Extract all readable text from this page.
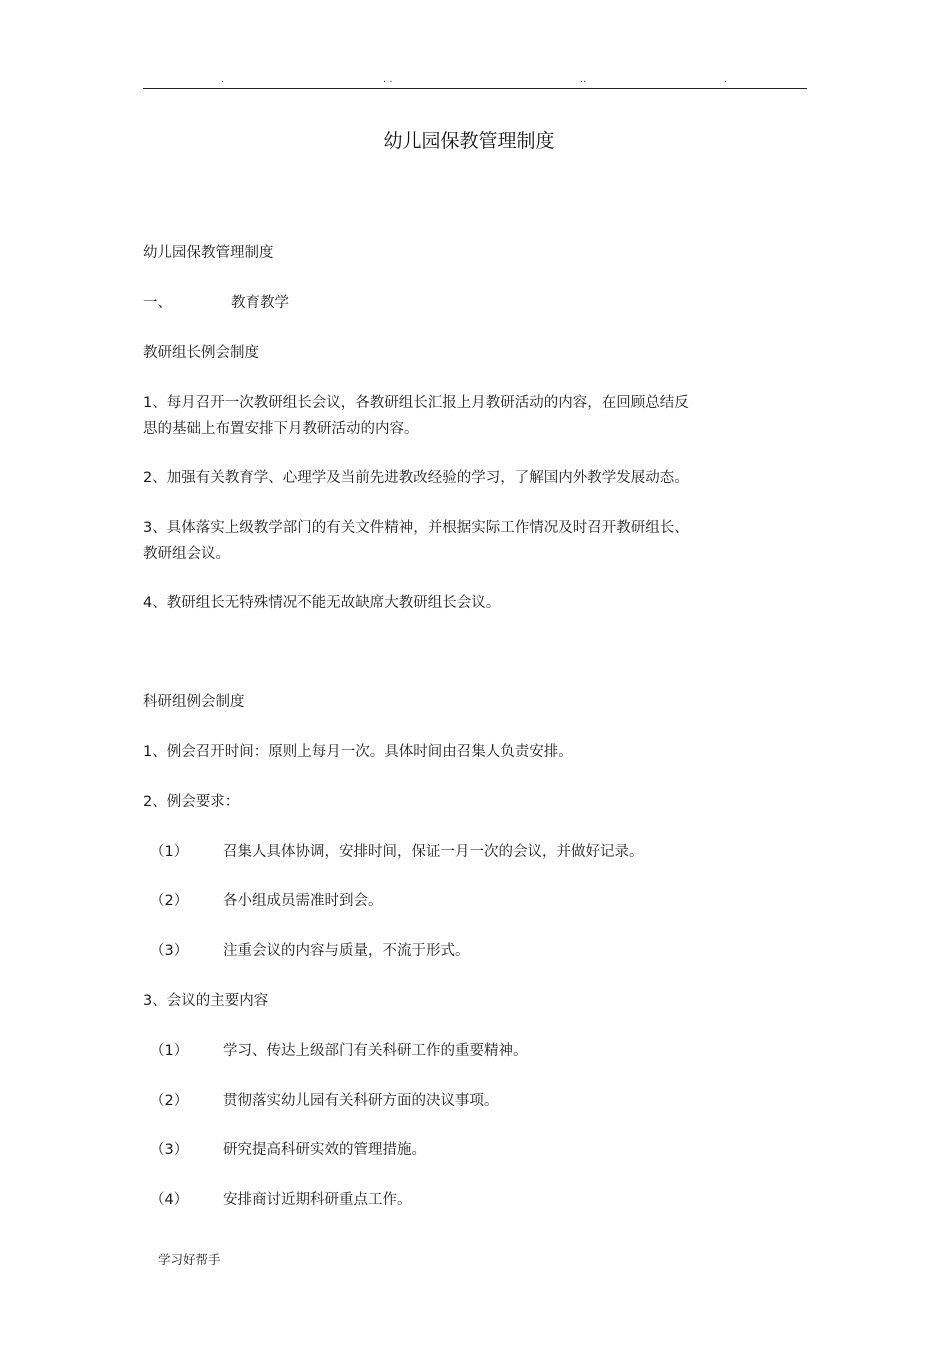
.	. .	..	.
幼儿园保教管理制度
幼儿园保教管理制度
一、	教育教学
教研组长例会制度
1、每月召开一次教研组长会议，各教研组长汇报上月教研活动的内容，在回顾总结反
思的基础上布置安排下月教研活动的内容。
2、加强有关教育学、心理学及当前先进教改经验的学习，了解国内外教学发展动态。
3、具体落实上级教学部门的有关文件精神，并根据实际工作情况及时召开教研组长、
教研组会议。
4、教研组长无特殊情况不能无故缺席大教研组长会议。
科研组例会制度
1、例会召开时间：原则上每月一次。具体时间由召集人负责安排。
2、例会要求：
（1） 召集人具体协调，安排时间，保证一月一次的会议，并做好记录。
（2） 各小组成员需准时到会。
（3） 注重会议的内容与质量，不流于形式。
3、会议的主要内容
（1） 学习、传达上级部门有关科研工作的重要精神。
（2） 贯彻落实幼儿园有关科研方面的决议事项。
（3） 研究提高科研实效的管理措施。
（4） 安排商讨近期科研重点工作。
学习好帮手
